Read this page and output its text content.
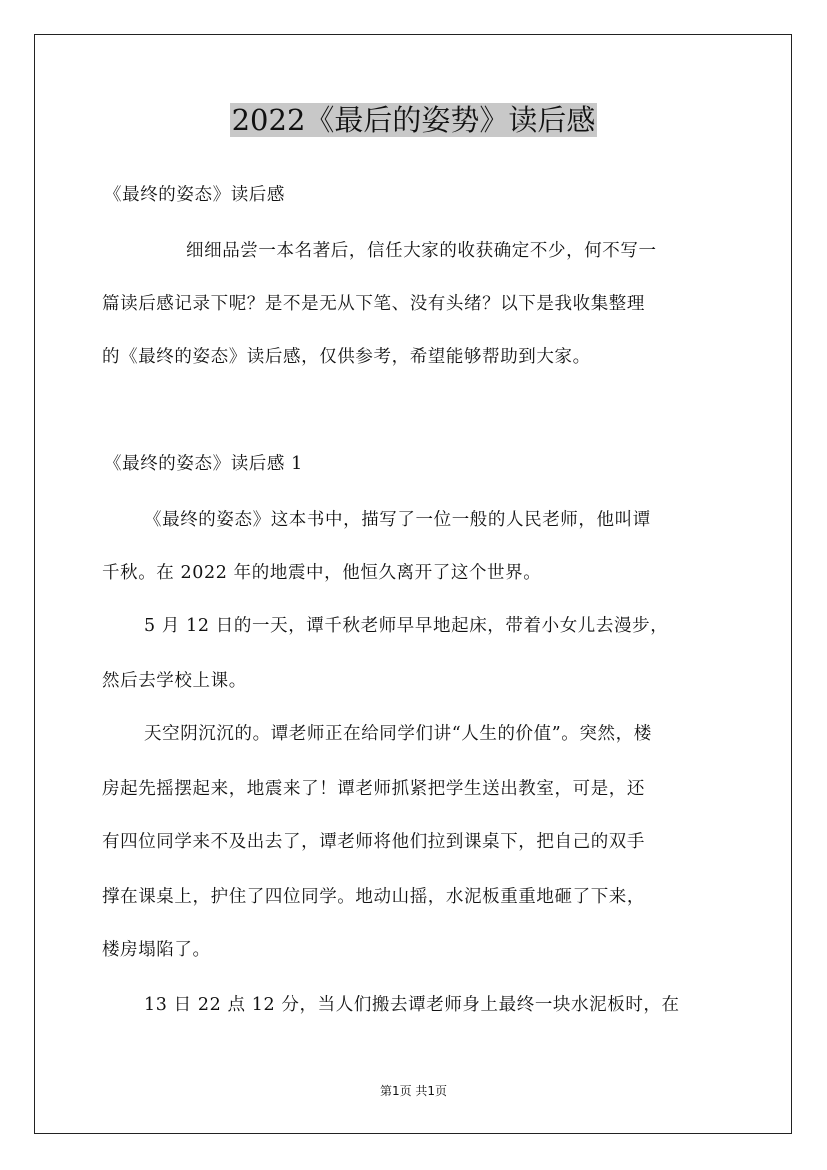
2022《最后的姿势》读后感
《最终的姿态》读后感
细细品尝一本名著后，信任大家的收获确定不少，何不写一
篇读后感记录下呢？是不是无从下笔、没有头绪？以下是我收集整理
的《最终的姿态》读后感，仅供参考，希望能够帮助到大家。
《最终的姿态》读后感 1
《最终的姿态》这本书中，描写了一位一般的人民老师，他叫谭
千秋。在 2022 年的地震中，他恒久离开了这个世界。
5 月 12 日的一天，谭千秋老师早早地起床，带着小女儿去漫步，
然后去学校上课。
天空阴沉沉的。谭老师正在给同学们讲“人生的价值”。突然，楼
房起先摇摆起来，地震来了！谭老师抓紧把学生送出教室，可是，还
有四位同学来不及出去了，谭老师将他们拉到课桌下，把自己的双手
撑在课桌上，护住了四位同学。地动山摇，水泥板重重地砸了下来，
楼房塌陷了。
13 日 22 点 12 分，当人们搬去谭老师身上最终一块水泥板时，在
第1页 共1页
